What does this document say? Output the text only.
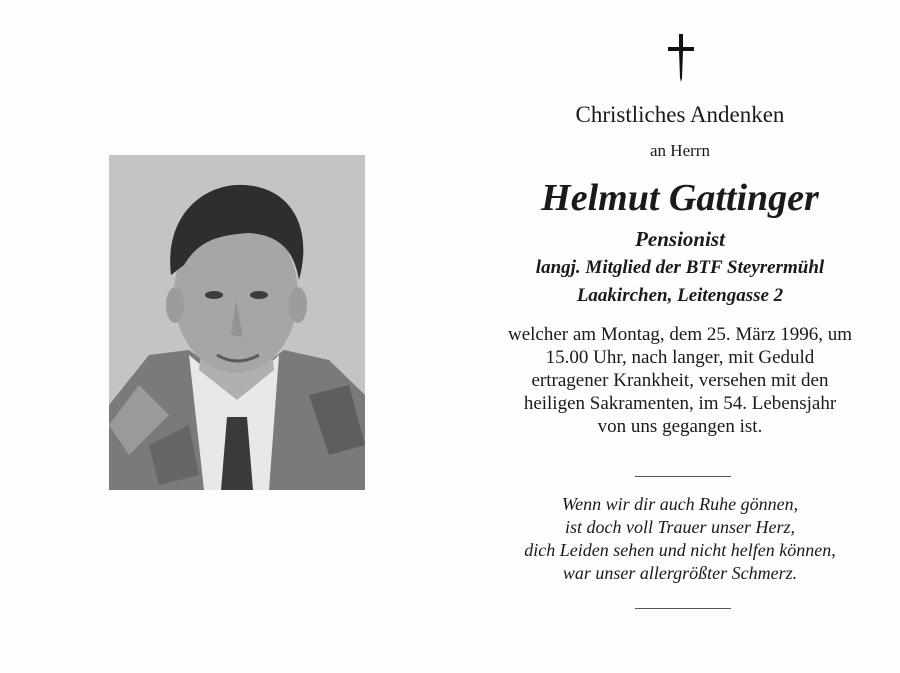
Christliches Andenken
an Herrn
Helmut Gattinger
Pensionist
langj. Mitglied der BTF Steyrermühl
Laakirchen, Leitengasse 2
welcher am Montag, dem 25. März 1996, um
15.00 Uhr, nach langer, mit Geduld
ertragener Krankheit, versehen mit den
heiligen Sakramenten, im 54. Lebensjahr
von uns gegangen ist.
Wenn wir dir auch Ruhe gönnen,
ist doch voll Trauer unser Herz,
dich Leiden sehen und nicht helfen können,
war unser allergrößter Schmerz.
